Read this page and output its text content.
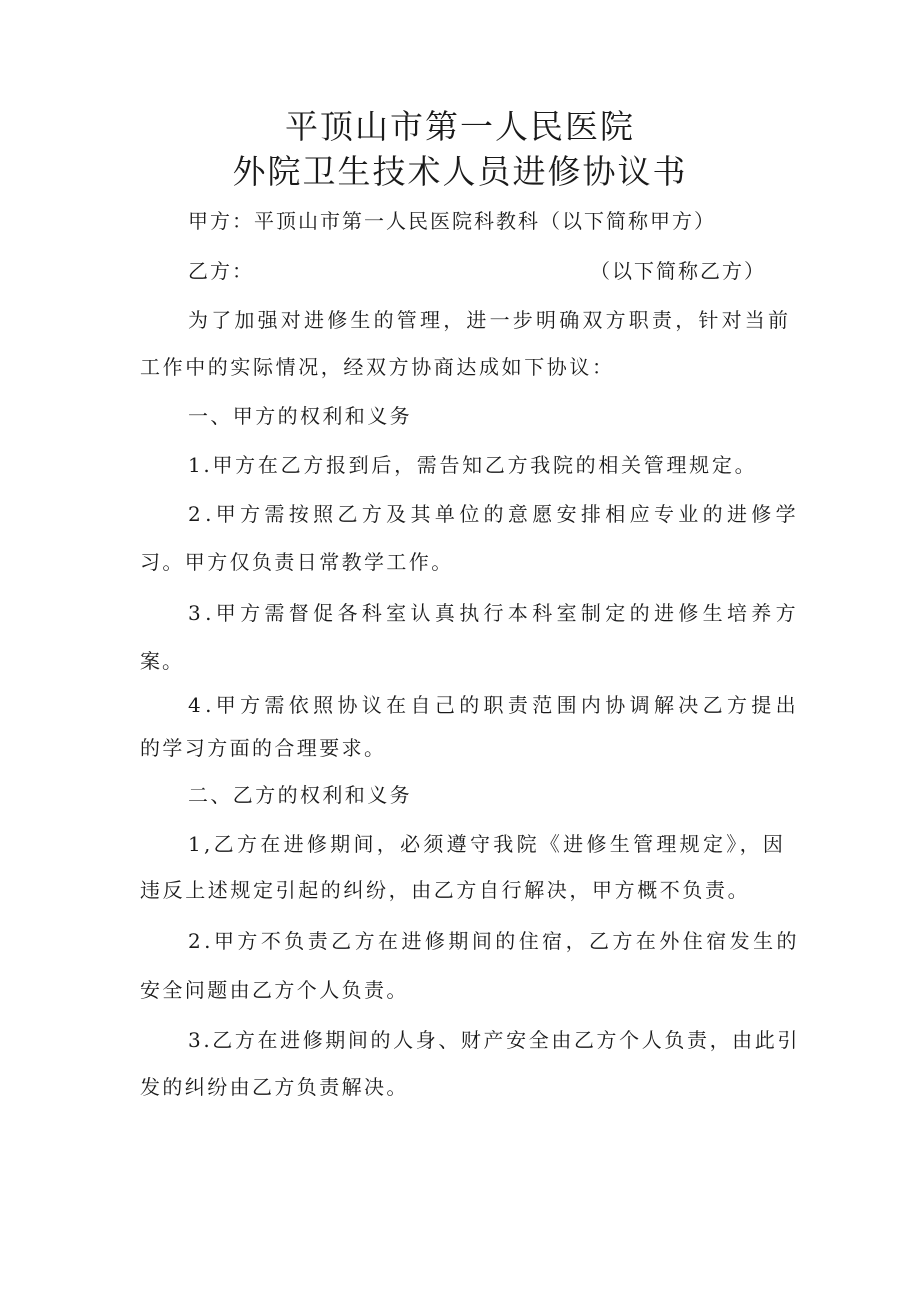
平顶山市第一人民医院
外院卫生技术人员进修协议书
甲方：平顶山市第一人民医院科教科（以下简称甲方）
乙方：	（以下简称乙方）
为了加强对进修生的管理，进一步明确双方职责，针对当前
工作中的实际情况，经双方协商达成如下协议：
一、甲方的权利和义务
1.甲方在乙方报到后，需告知乙方我院的相关管理规定。
2.甲方需按照乙方及其单位的意愿安排相应专业的进修学
习。甲方仅负责日常教学工作。
3.甲方需督促各科室认真执行本科室制定的进修生培养方
案。
4.甲方需依照协议在自己的职责范围内协调解决乙方提出
的学习方面的合理要求。
二、乙方的权利和义务
1,乙方在进修期间，必须遵守我院《进修生管理规定》，因
违反上述规定引起的纠纷，由乙方自行解决，甲方概不负责。
2.甲方不负责乙方在进修期间的住宿，乙方在外住宿发生的
安全问题由乙方个人负责。
3.乙方在进修期间的人身、财产安全由乙方个人负责，由此引
发的纠纷由乙方负责解决。
